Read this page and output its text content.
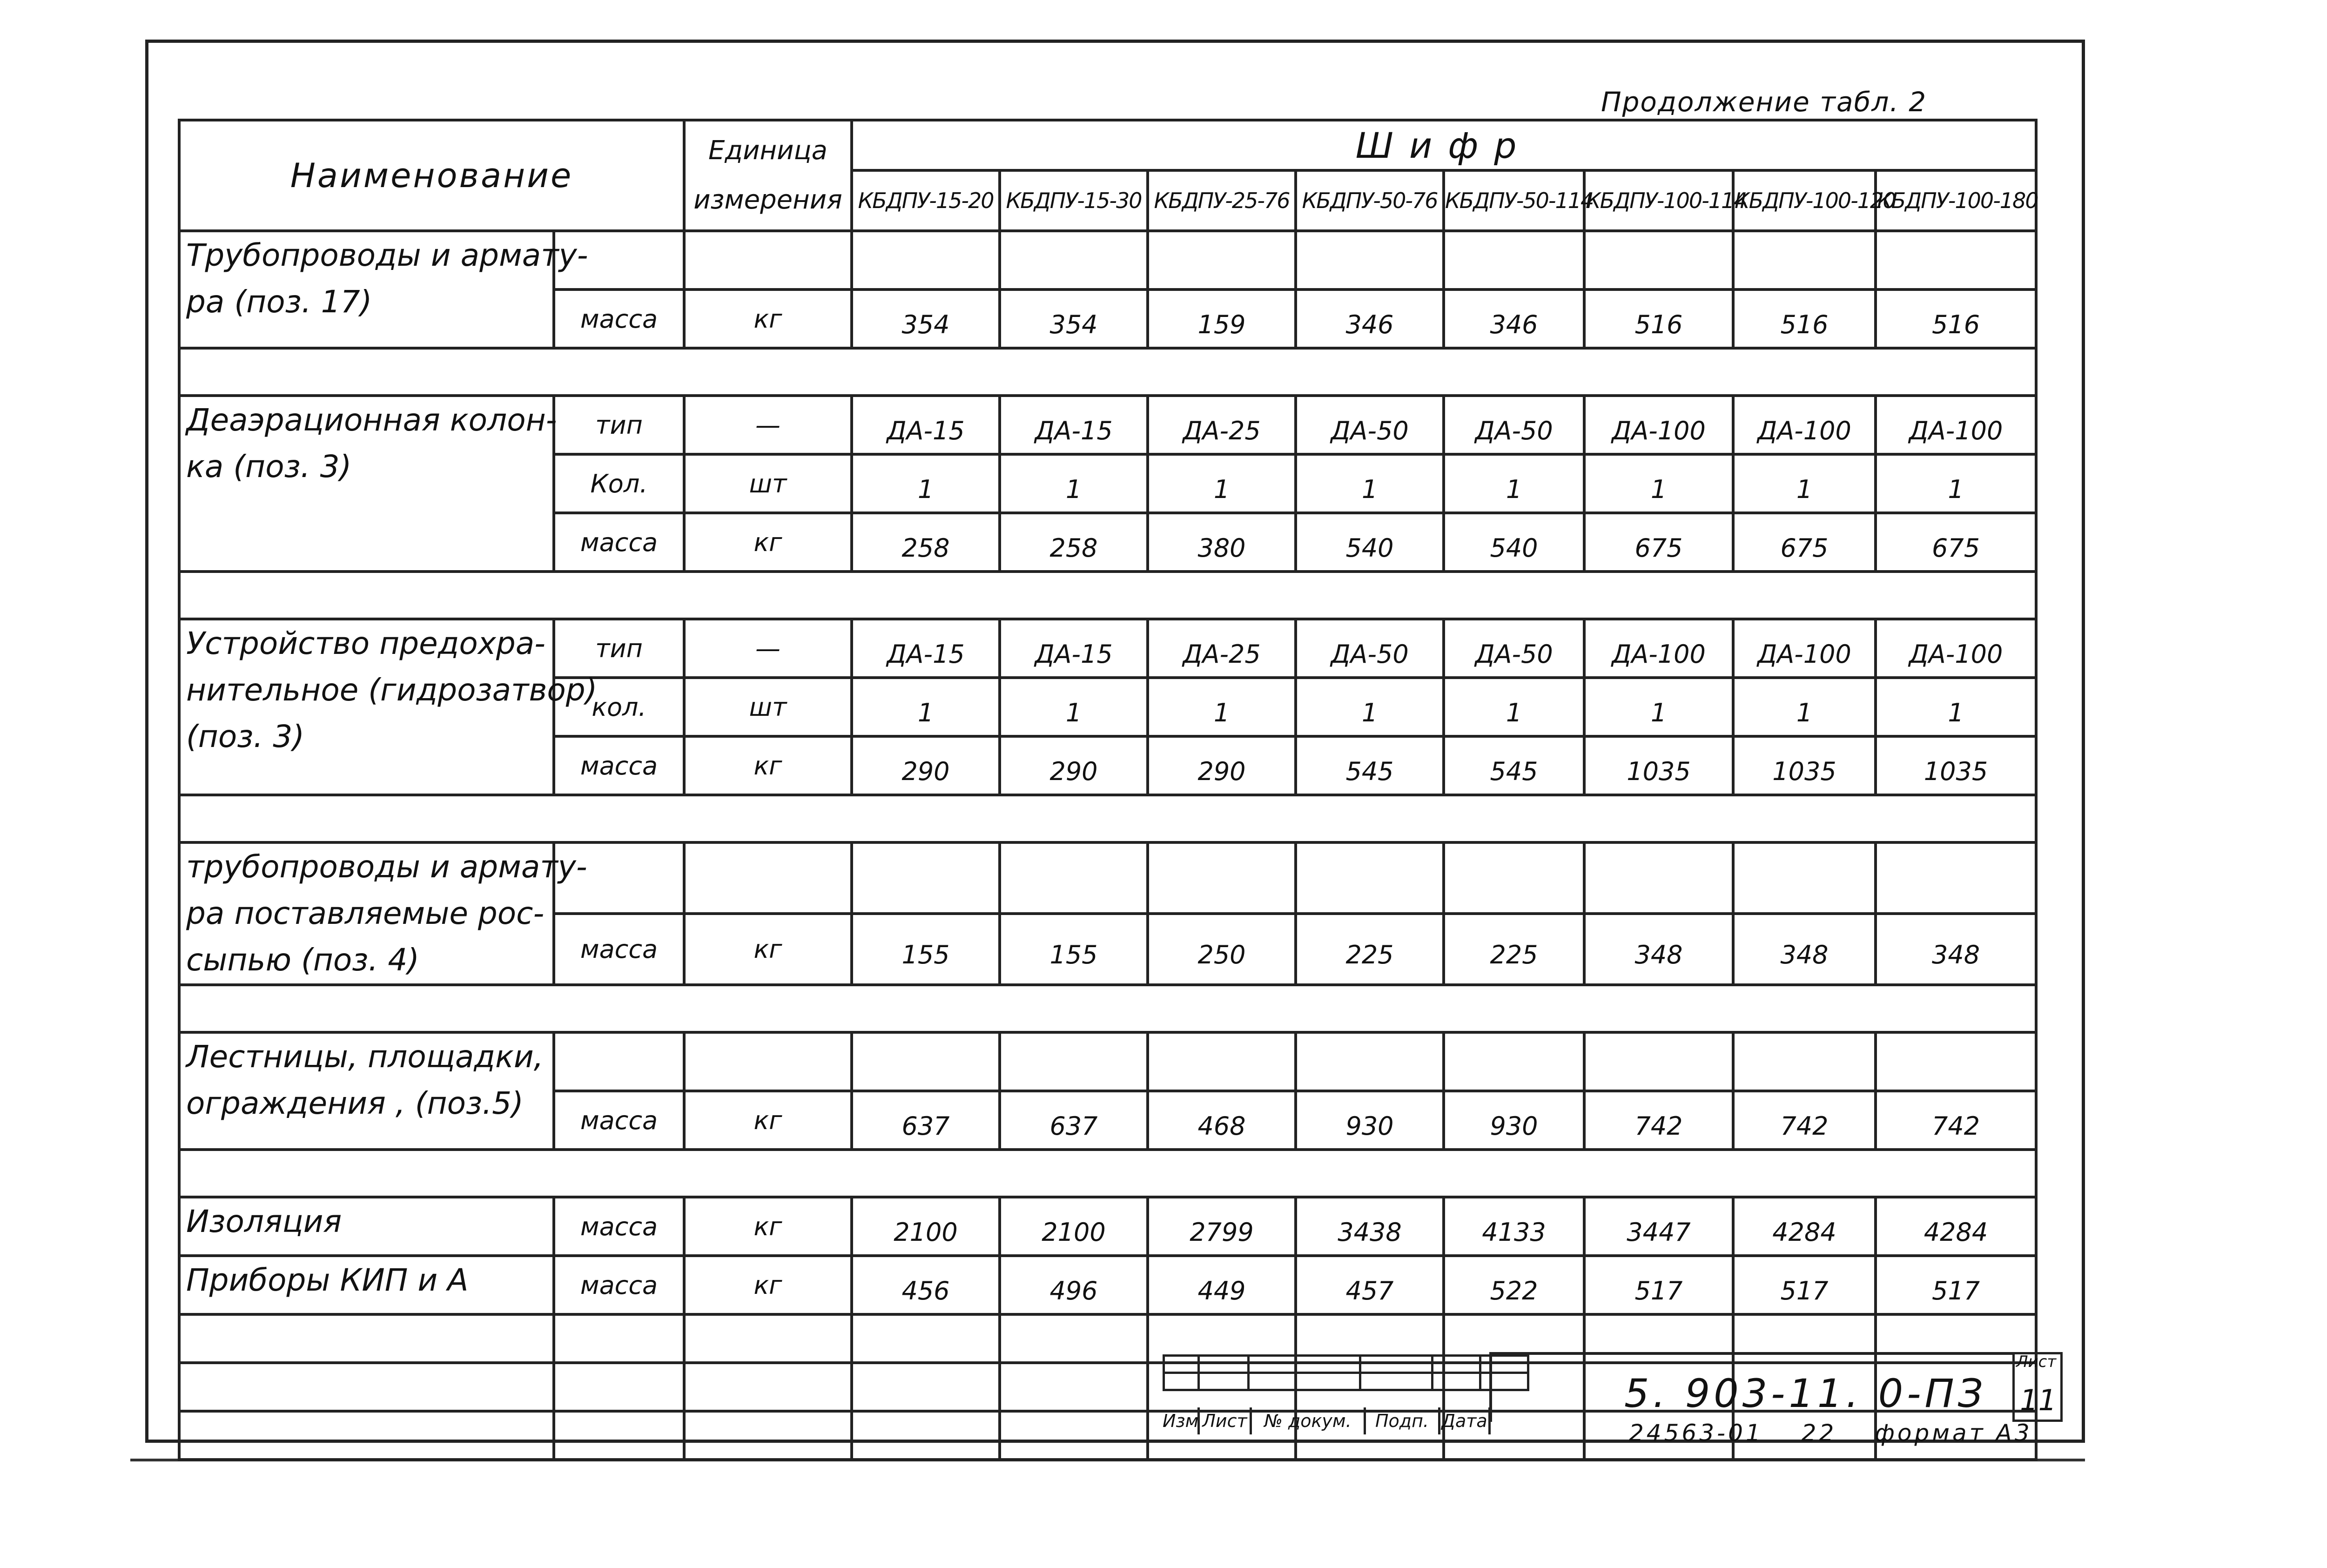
Продолжение табл. 2
Наименование		Единица
измерения	Шифр							
			КБДПУ-15-20	КБДПУ-15-30	КБДПУ-25-76	КБДПУ-50-76	КБДПУ-50-114	КБДПУ-100-114	КБДПУ-100-120	КБДПУ-100-180

Трубопроводы и армату-
ра (поз. 17)										

	масса	кг	354	354	159	346	346	516	516	516

Деаэрационная колон-
ка (поз. 3)	тип	—	ДА-15	ДА-15	ДА-25	ДА-50	ДА-50	ДА-100	ДА-100	ДА-100
	Кол.	шт	1	1	1	1	1	1	1	1
	масса	кг	258	258	380	540	540	675	675	675

Устройство предохра-
нительное (гидрозатвор)
(поз. 3)	тип	—	ДА-15	ДА-15	ДА-25	ДА-50	ДА-50	ДА-100	ДА-100	ДА-100
	кол.	шт	1	1	1	1	1	1	1	1
	масса	кг	290	290	290	545	545	1035	1035	1035

трубопроводы и армату-
ра поставляемые рос-
сыпью (поз. 4)										

	масса	кг	155	155	250	225	225	348	348	348

Лестницы, площадки,
ограждения , (поз.5)										

	масса	кг	637	637	468	930	930	742	742	742

Изоляция	масса	кг	2100	2100	2799	3438	4133	3447	4284	4284
Приборы КИП и А	масса	кг	456	496	449	457	522	517	517	517

Изм Лист № докум.	Подп. Дата
5. 903-11. 0-ПЗ
Лист
11
24563-01 22 формат А3
